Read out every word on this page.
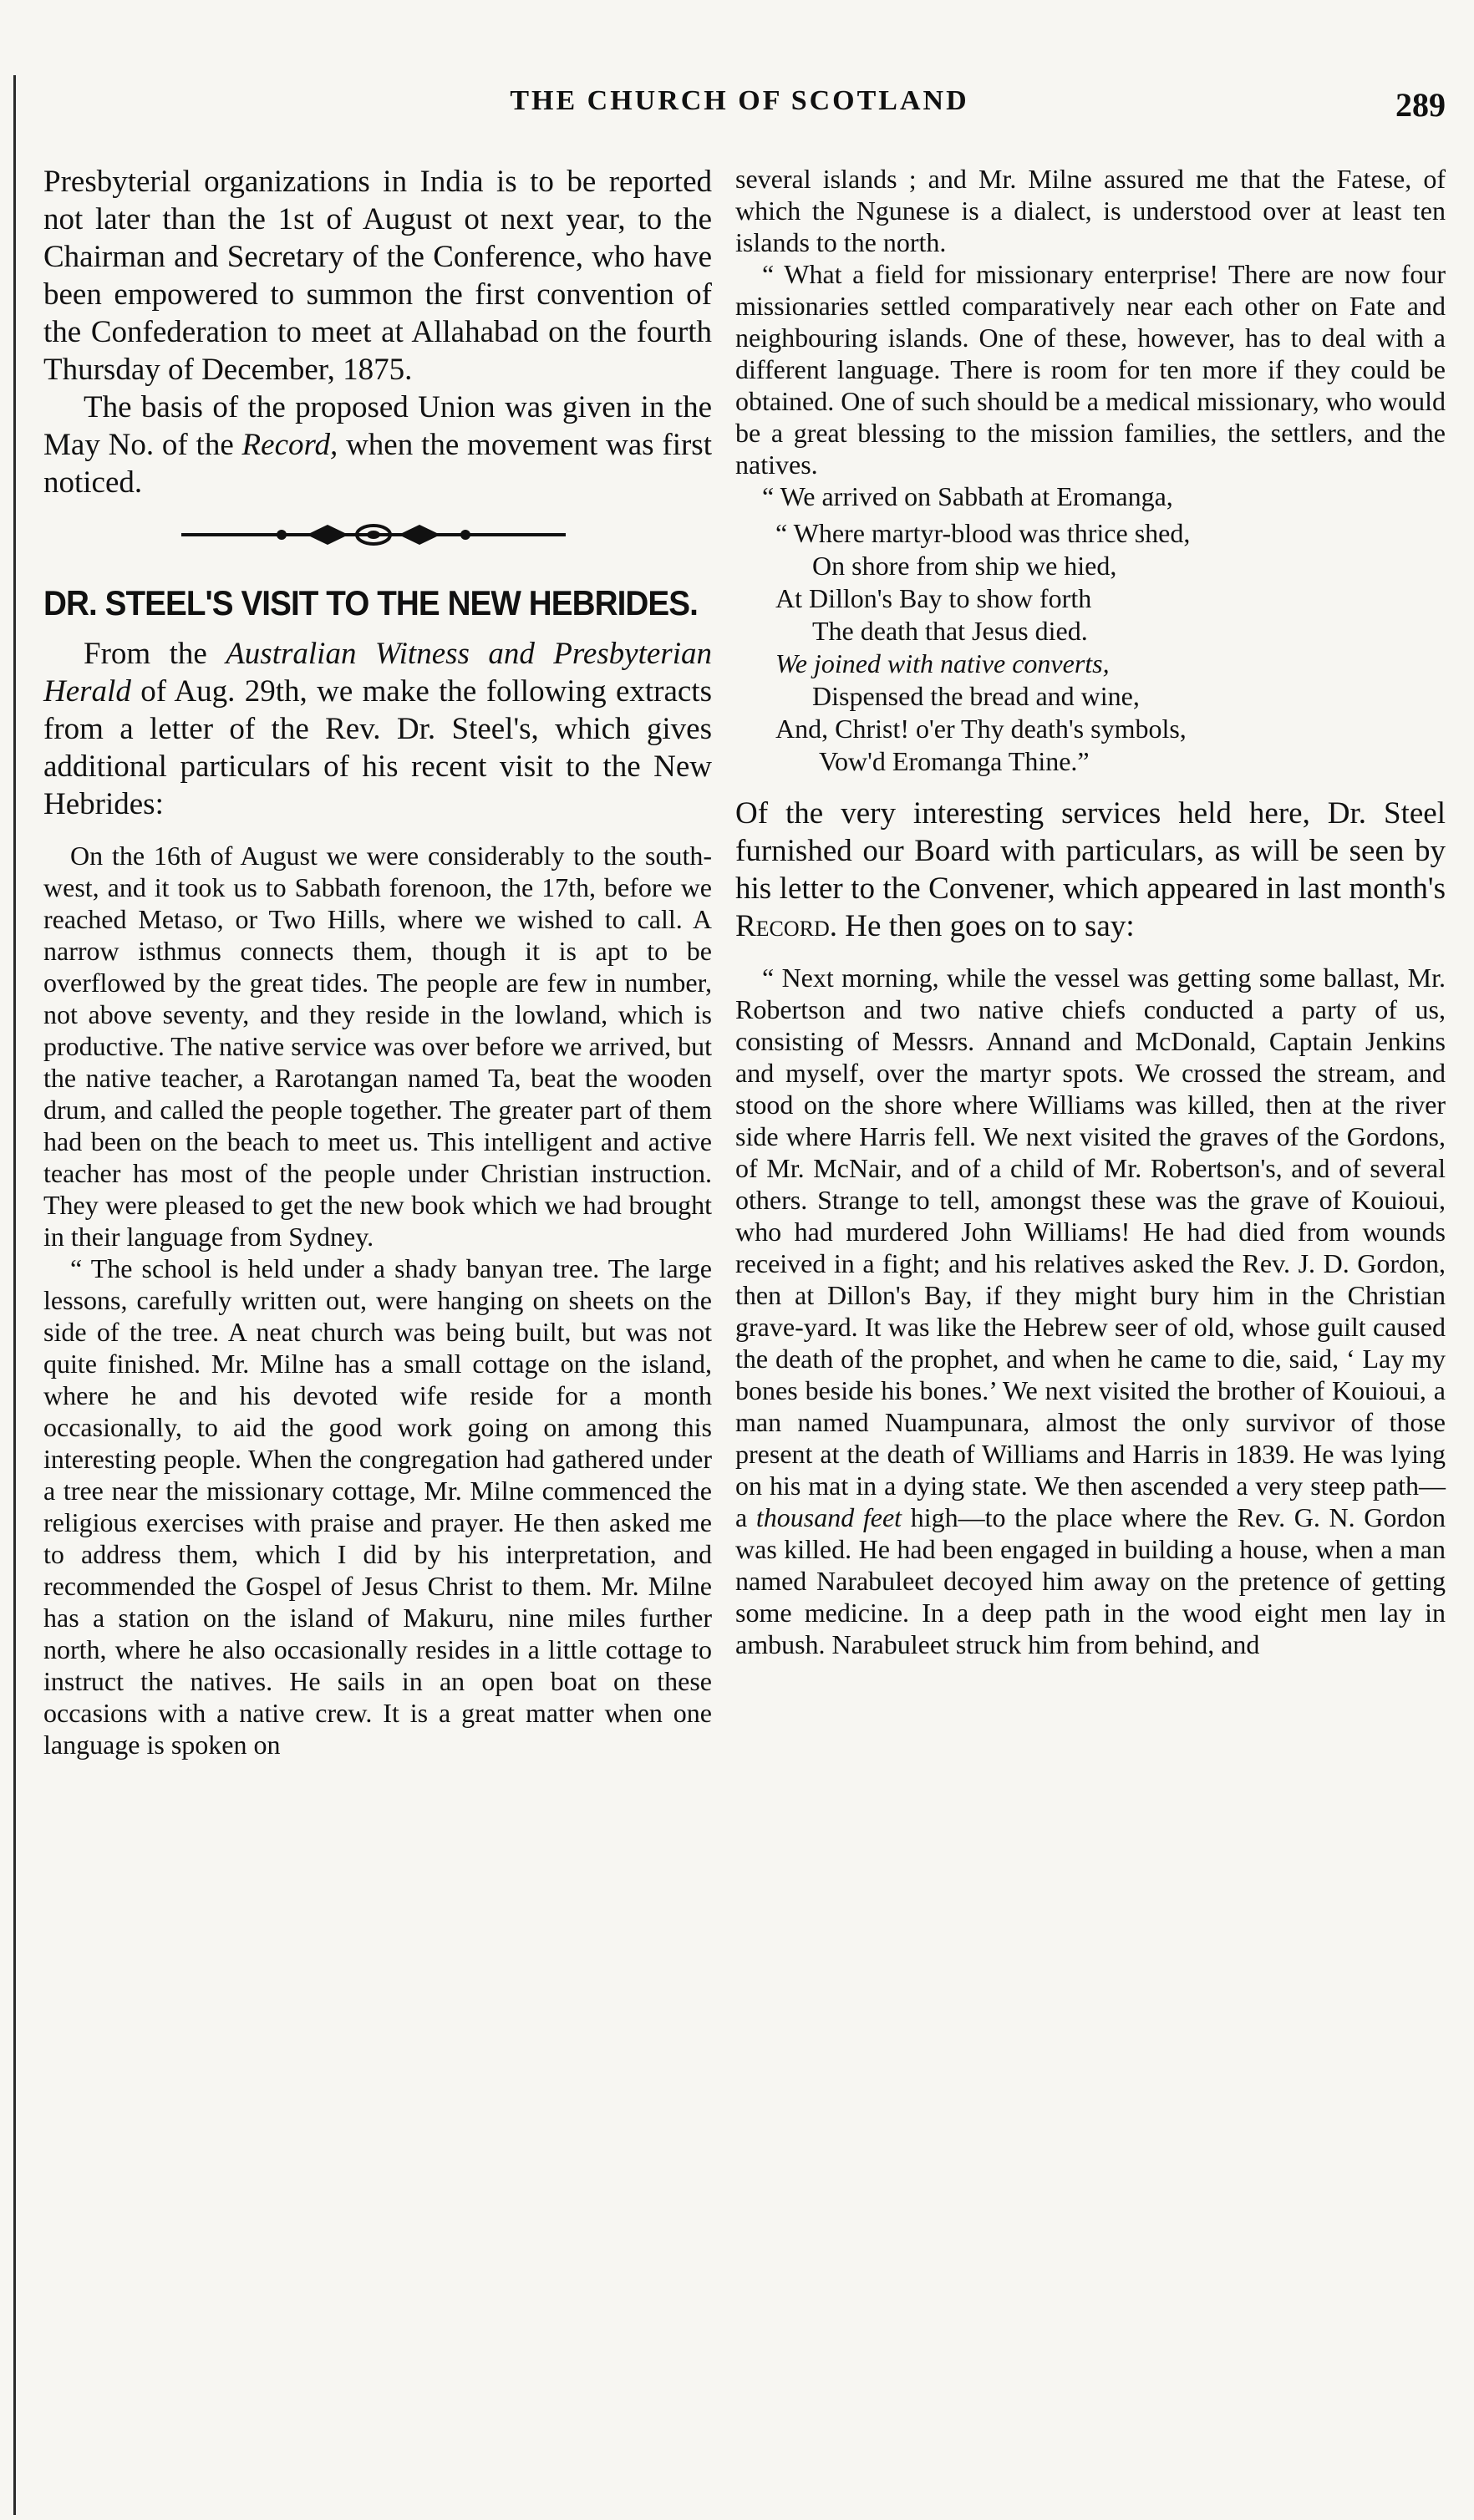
THE CHURCH OF SCOTLAND	289

Presbyterial organizations in India is to be reported not later than the 1st of August ot next year, to the Chairman and Secretary of the Conference, who have been empowered to summon the first convention of the Confederation to meet at Allahabad on the fourth Thursday of December, 1875.

The basis of the proposed Union was given in the May No. of the Record, when the movement was first noticed.

DR. STEEL'S VISIT TO THE NEW HEBRIDES.

From the Australian Witness and Presbyterian Herald of Aug. 29th, we make the following extracts from a letter of the Rev. Dr. Steel's, which gives additional particulars of his recent visit to the New Hebrides:

On the 16th of August we were considerably to the south-west, and it took us to Sabbath forenoon, the 17th, before we reached Metaso, or Two Hills, where we wished to call. A narrow isthmus connects them, though it is apt to be overflowed by the great tides. The people are few in number, not above seventy, and they reside in the lowland, which is productive. The native service was over before we arrived, but the native teacher, a Rarotangan named Ta, beat the wooden drum, and called the people together. The greater part of them had been on the beach to meet us. This intelligent and active teacher has most of the people under Christian instruction. They were pleased to get the new book which we had brought in their language from Sydney.

“ The school is held under a shady banyan tree. The large lessons, carefully written out, were hanging on sheets on the side of the tree. A neat church was being built, but was not quite finished. Mr. Milne has a small cottage on the island, where he and his devoted wife reside for a month occasionally, to aid the good work going on among this interesting people. When the congregation had gathered under a tree near the missionary cottage, Mr. Milne commenced the religious exercises with praise and prayer. He then asked me to address them, which I did by his interpretation, and recommended the Gospel of Jesus Christ to them. Mr. Milne has a station on the island of Makuru, nine miles further north, where he also occasionally resides in a little cottage to instruct the natives. He sails in an open boat on these occasions with a native crew. It is a great matter when one language is spoken on

several islands ; and Mr. Milne assured me that the Fatese, of which the Ngunese is a dialect, is understood over at least ten islands to the north.

“ What a field for missionary enterprise! There are now four missionaries settled comparatively near each other on Fate and neighbouring islands. One of these, however, has to deal with a different language. There is room for ten more if they could be obtained. One of such should be a medical missionary, who would be a great blessing to the mission families, the settlers, and the natives.

“ We arrived on Sabbath at Eromanga,

“ Where martyr-blood was thrice shed,
On shore from ship we hied,
At Dillon's Bay to show forth
The death that Jesus died.
We joined with native converts,
Dispensed the bread and wine,
And, Christ! o'er Thy death's symbols,
Vow'd Eromanga Thine.”

Of the very interesting services held here, Dr. Steel furnished our Board with particulars, as will be seen by his letter to the Convener, which appeared in last month's Record. He then goes on to say:

“ Next morning, while the vessel was getting some ballast, Mr. Robertson and two native chiefs conducted a party of us, consisting of Messrs. Annand and McDonald, Captain Jenkins and myself, over the martyr spots. We crossed the stream, and stood on the shore where Williams was killed, then at the river side where Harris fell. We next visited the graves of the Gordons, of Mr. McNair, and of a child of Mr. Robertson's, and of several others. Strange to tell, amongst these was the grave of Kouioui, who had murdered John Williams! He had died from wounds received in a fight; and his relatives asked the Rev. J. D. Gordon, then at Dillon's Bay, if they might bury him in the Christian grave-yard. It was like the Hebrew seer of old, whose guilt caused the death of the prophet, and when he came to die, said, ‘ Lay my bones beside his bones.’ We next visited the brother of Kouioui, a man named Nuampunara, almost the only survivor of those present at the death of Williams and Harris in 1839. He was lying on his mat in a dying state. We then ascended a very steep path—a thousand feet high—to the place where the Rev. G. N. Gordon was killed. He had been engaged in building a house, when a man named Narabuleet decoyed him away on the pretence of getting some medicine. In a deep path in the wood eight men lay in ambush. Narabuleet struck him from behind, and
